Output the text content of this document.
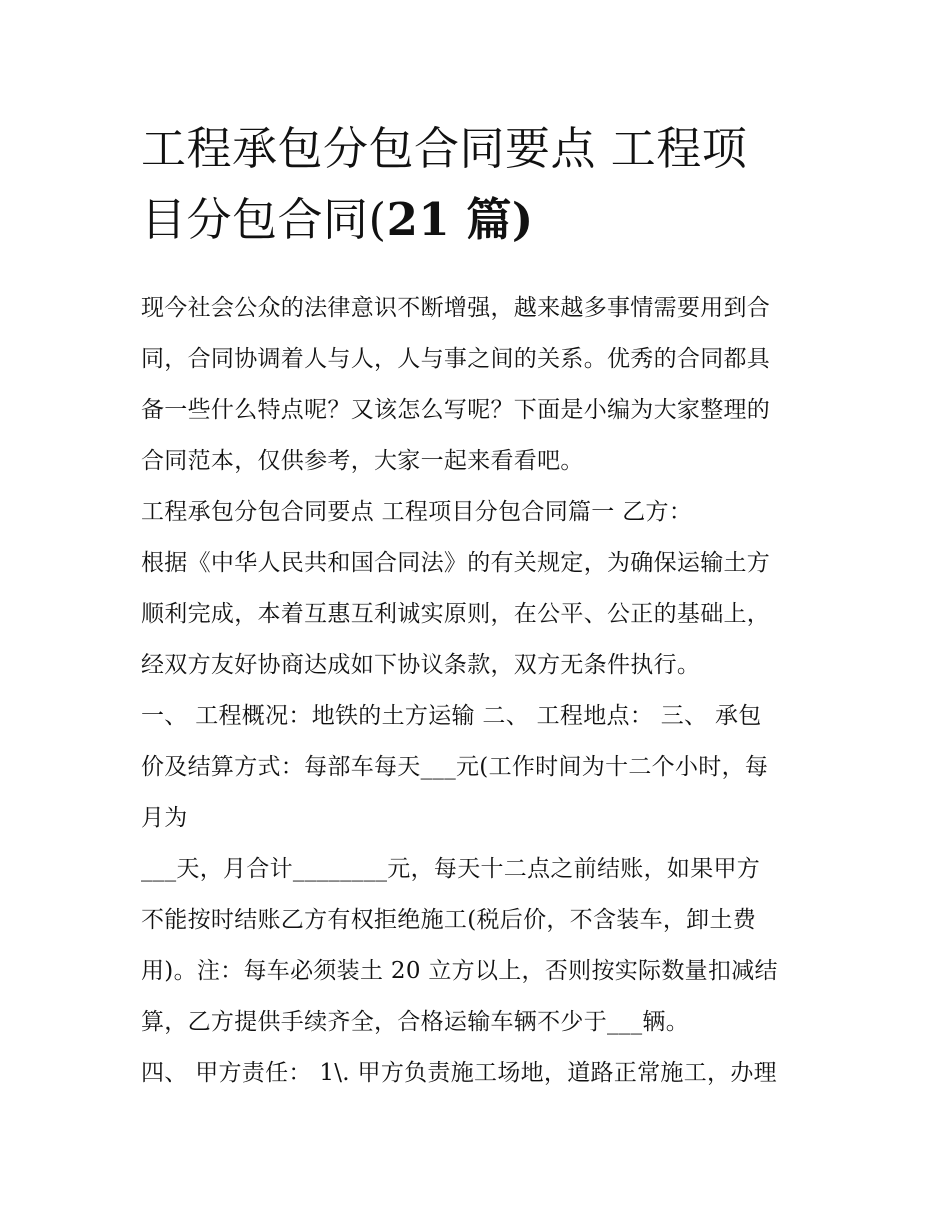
工程承包分包合同要点 工程项
目分包合同(21 篇)
现今社会公众的法律意识不断增强，越来越多事情需要用到合
同，合同协调着人与人，人与事之间的关系。优秀的合同都具
备一些什么特点呢？又该怎么写呢？下面是小编为大家整理的
合同范本，仅供参考，大家一起来看看吧。
工程承包分包合同要点 工程项目分包合同篇一 乙方：
根据《中华人民共和国合同法》的有关规定，为确保运输土方
顺利完成，本着互惠互利诚实原则，在公平、公正的基础上，
经双方友好协商达成如下协议条款，双方无条件执行。
一、 工程概况：地铁的土方运输 二、 工程地点： 三、 承包
价及结算方式：每部车每天___元(工作时间为十二个小时，每
月为
___天，月合计________元，每天十二点之前结账，如果甲方
不能按时结账乙方有权拒绝施工(税后价，不含装车，卸土费
用)。注：每车必须装土 20 立方以上，否则按实际数量扣减结
算，乙方提供手续齐全，合格运输车辆不少于___辆。
四、 甲方责任： 1\. 甲方负责施工场地，道路正常施工，办理
